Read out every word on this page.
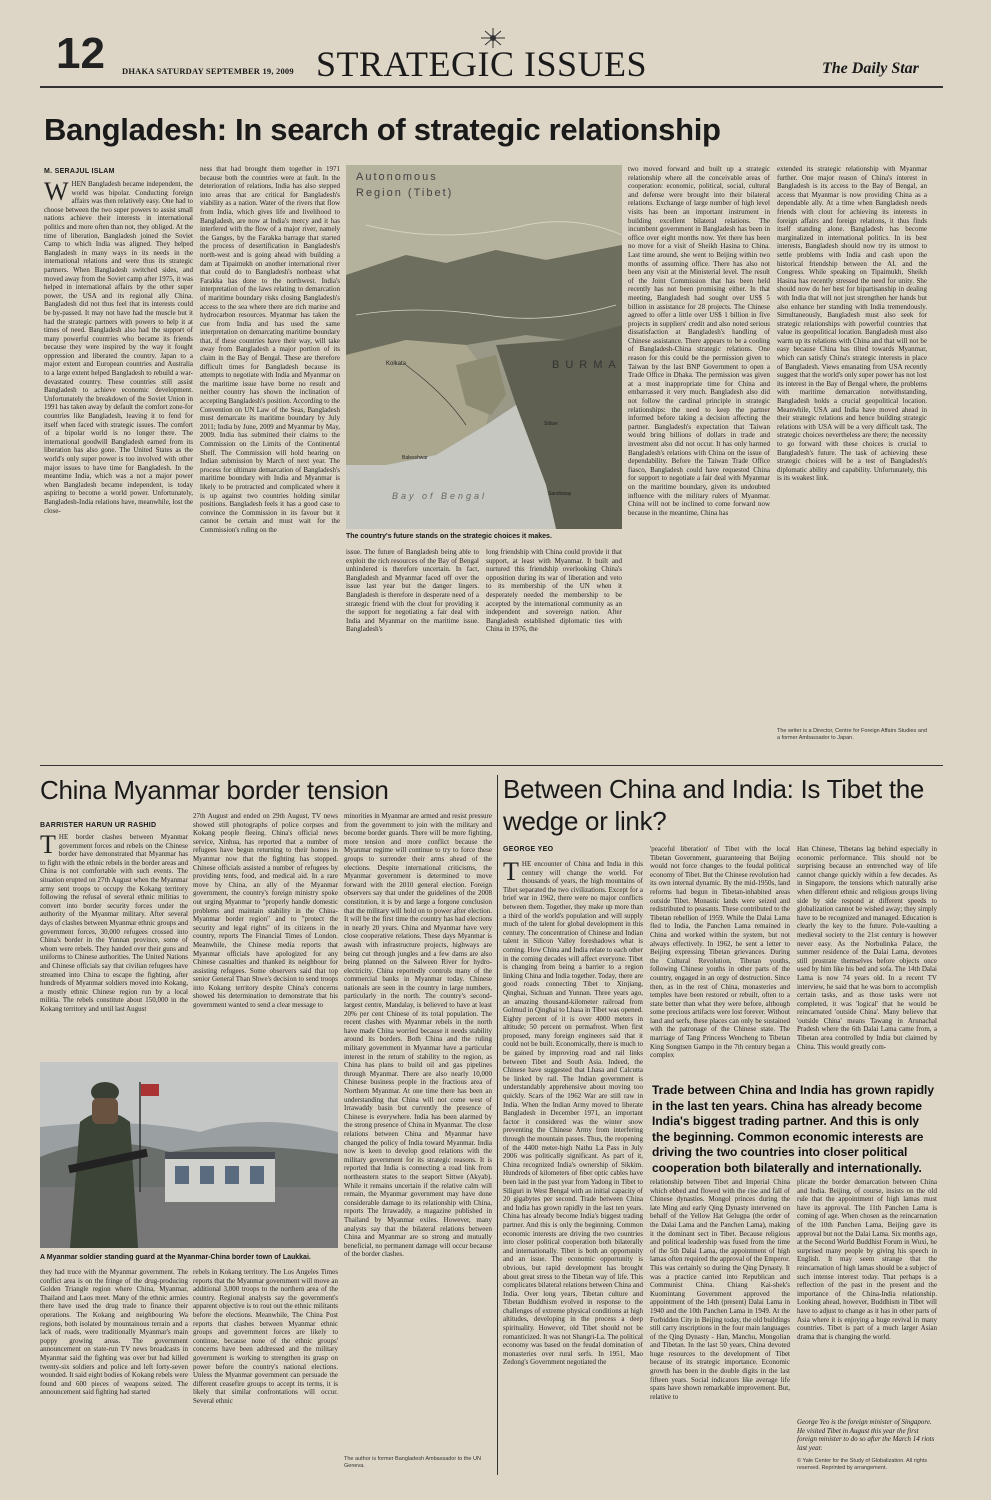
12 DHAKA SATURDAY SEPTEMBER 19, 2009 STRATEGIC ISSUES	The Daily Star
Bangladesh: In search of strategic relationship
M. SERAJUL ISLAM
WHEN Bangladesh became independent, the world was bipolar. Conducting foreign affairs was then relatively easy. One had to choose between the two super powers to assist small nations achieve their interests in international politics and more often than not, they obliged. At the time of liberation, Bangladesh joined the Soviet Camp to which India was aligned. They helped Bangladesh in many ways in its needs in the international relations and were thus its strategic partners. When Bangladesh switched sides, and moved away from the Soviet camp after 1975, it was helped in international affairs by the other super power, the USA and its regional ally China. Bangladesh did not thus feel that its interests could be by-passed. It may not have had the muscle but it had the strategic partners with powers to help it at times of need. Bangladesh also had the support of many powerful countries who became its friends because they were inspired by the way it fought oppression and liberated the country. Japan to a major extent and European countries and Australia to a large extent helped Bangladesh to rebuild a war-devastated country. These countries still assist Bangladesh to achieve economic development. Unfortunately the breakdown of the Soviet Union in 1991 has taken away by default the comfort zone-for countries like Bangladesh, leaving it to fend for itself when faced with strategic issues. The comfort of a bipolar world is no longer there. The international goodwill Bangladesh earned from its liberation has also gone. The United States as the world's only super power is too involved with other major issues to have time for Bangladesh. In the meantime India, which was a not a major power when Bangladesh became independent, is today aspiring to become a world power. Unfortunately, Bangladesh-India relations have, meanwhile, lost the close-
ness that had brought them together in 1971 because both the countries were at fault. In the deterioration of relations, India has also stepped into areas that are critical for Bangladesh's viability as a nation. Water of the rivers that flow from India, which gives life and livelihood to Bangladesh, are now at India's mercy and it has interfered with the flow of a major river, namely the Ganges, by the Farakka barrage that started the process of desertification in Bangladesh's north-west and is going ahead with building a dam at Tipaimukh on another international river that could do to Bangladesh's northeast what Farakka has done to the northwest. India's interpretation of the laws relating to demarcation of maritime boundary risks closing Bangladesh's access to the sea where there are rich marine and hydrocarbon resources. Myanmar has taken the cue from India and has used the same interpretation on demarcating maritime boundary that, if these countries have their way, will take away from Bangladesh a major portion of its claim in the Bay of Bengal. These are therefore difficult times for Bangladesh because its attempts to negotiate with India and Myanmar on the maritime issue have borne no result and neither country has shown the inclination of accepting Bangladesh's position. According to the Convention on UN Law of the Seas, Bangladesh must demarcate its maritime boundary by July 2011; India by June, 2009 and Myanmar by May, 2009. India has submitted their claims to the Commission on the Limits of the Continental Shelf. The Commission will hold hearing on Indian submission by March of next year. The process for ultimate demarcation of Bangladesh's maritime boundary with India and Myanmar is likely to be protracted and complicated where it is up against two countries holding similar positions. Bangladesh feels it has a good case to convince the Commission in its favour but it cannot be certain and must wait for the Commission's ruling on the
Autonomous
Region (Tibet)
Kolkata
Balesshwar
Sittwe
Bay of Bengal	Sandoway
BURMA
The country's future stands on the strategic choices it makes.
issue. The future of Bangladesh being able to exploit the rich resources of the Bay of Bengal unhindered is therefore uncertain. In fact, Bangladesh and Myanmar faced off over the issue last year but the danger lingers. Bangladesh is therefore in desperate need of a strategic friend with the clout for providing it the support for negotiating a fair deal with India and Myanmar on the maritime issue. Bangladesh's
long friendship with China could provide it that support, at least with Myanmar. It built and nurtured this friendship overlooking China's opposition during its war of liberation and veto to its membership of the UN when it desperately needed the membership to be accepted by the international community as an independent and sovereign nation. After Bangladesh established diplomatic ties with China in 1976, the
two moved forward and built up a strategic relationship where all the conceivable areas of cooperation: economic, political, social, cultural and defense were brought into their bilateral relations. Exchange of large number of high level visits has been an important instrument in building excellent bilateral relations. The incumbent government in Bangladesh has been in office over eight months now. Yet there has been no move for a visit of Sheikh Hasina to China. Last time around, she went to Beijing within two months of assuming office. There has also not been any visit at the Ministerial level. The result of the Joint Commission that has been held recently has not been promising either. In that meeting, Bangladesh had sought over US$ 5 billion in assistance for 28 projects. The Chinese agreed to offer a little over US$ 1 billion in five projects in suppliers' credit and also noted serious dissatisfaction at Bangladesh's handling of Chinese assistance. There appears to be a cooling of Bangladesh-China strategic relations. One reason for this could be the permission given to Taiwan by the last BNP Government to open a Trade Office in Dhaka. The permission was given at a most inappropriate time for China and embarrassed it very much. Bangladesh also did not follow the cardinal principle in strategic relationships: the need to keep the partner informed before taking a decision affecting the partner. Bangladesh's expectation that Taiwan would bring billions of dollars in trade and investment also did not occur. It has only harmed Bangladesh's relations with China on the issue of dependability. Before the Taiwan Trade Office fiasco, Bangladesh could have requested China for support to negotiate a fair deal with Myanmar on the maritime boundary, given its undoubted influence with the military rulers of Myanmar. China will not be inclined to come forward now because in the meantime, China has
extended its strategic relationship with Myanmar further. One major reason of China's interest in Bangladesh is its access to the Bay of Bengal, an access that Myanmar is now providing China as a dependable ally. At a time when Bangladesh needs friends with clout for achieving its interests in foreign affairs and foreign relations, it thus finds itself standing alone. Bangladesh has become marginalized in international politics. In its best interests, Bangladesh should now try its utmost to settle problems with India and cash upon the historical friendship between the AL and the Congress. While speaking on Tipaimukh, Sheikh Hasina has recently stressed the need for unity. She should now do her best for bipartisanship in dealing with India that will not just strengthen her hands but also enhance her standing with India tremendously. Simultaneously, Bangladesh must also seek for strategic relationships with powerful countries that value its geopolitical location. Bangladesh must also warm up its relations with China and that will not be easy because China has tilted towards Myanmar, which can satisfy China's strategic interests in place of Bangladesh. Views emanating from USA recently suggest that the world's only super power has not lost its interest in the Bay of Bengal where, the problems with maritime demarcation notwithstanding, Bangladesh holds a crucial geopolitical location. Meanwhile, USA and India have moved ahead in their strategic relations and hence building strategic relations with USA will be a very difficult task. The strategic choices nevertheless are there; the necessity to go forward with these choices is crucial to Bangladesh's future. The task of achieving these strategic choices will be a test of Bangladesh's diplomatic ability and capability. Unfortunately, this is its weakest link.
The writer is a Director, Centre for Foreign Affairs Studies and a former Ambassador to Japan.
China Myanmar border tension
BARRISTER HARUN UR RASHID
THE border clashes between Myanmar government forces and rebels on the Chinese border have demonstrated that Myanmar has to fight with the ethnic rebels in the border areas and China is not comfortable with such events. The situation erupted on 27th August when the Myanmar army sent troops to occupy the Kokang territory following the refusal of several ethnic militias to convert into border security forces under the authority of the Myanmar military. After several days of clashes between Myanmar ethnic groups and government forces, 30,000 refugees crossed into China's border in the Yunnan province, some of whom were rebels. They handed over their guns and uniforms to Chinese authorities. The United Nations and Chinese officials say that civilian refugees have streamed into China to escape the fighting, after hundreds of Myanmar soldiers moved into Kokang, a mostly ethnic Chinese region run by a local militia. The rebels constitute about 150,000 in the Kokang territory and until last August
27th August and ended on 29th August, TV news showed still photographs of police corpses and Kokang people fleeing. China's official news service, Xinhua, has reported that a number of refugees have begun returning to their homes in Myanmar now that the fighting has stopped. Chinese officials assisted a number of refugees by providing tents, food, and medical aid. In a rare move by China, an ally of the Myanmar government, the country's foreign ministry spoke out urging Myanmar to "properly handle domestic problems and maintain stability in the China-Myanmar border region" and to "protect the security and legal rights" of its citizens in the country, reports The Financial Times of London. Meanwhile, the Chinese media reports that Myanmar officials have apologized for any Chinese casualties and thanked its neighbour for assisting refugees. Some observers said that top senior General Than Shwe's decision to send troops into Kokang territory despite China's concerns showed his determination to demonstrate that his government wanted to send a clear message to
A Myanmar soldier standing guard at the Myanmar-China border town of Laukkai.
they had truce with the Myanmar government. The conflict area is on the fringe of the drug-producing Golden Triangle region where China, Myanmar, Thailand and Laos meet. Many of the ethnic armies there have used the drug trade to finance their operations. The Kokang and neighbouring Wa regions, both isolated by mountainous terrain and a lack of roads, were traditionally Myanmar's main poppy growing areas. The government announcement on state-run TV news broadcasts in Myanmar said the fighting was over but had killed twenty-six soldiers and police and left forty-seven wounded. It said eight bodies of Kokang rebels were found and 600 pieces of weapons seized. The announcement said fighting had started
rebels in Kokang territory. The Los Angeles Times reports that the Myanmar government will move an additional 3,000 troops to the northern area of the country. Regional analysts say the government's apparent objective is to rout out the ethnic militants before the elections. Meanwhile, The China Post reports that clashes between Myanmar ethnic groups and government forces are likely to continue, because none of the ethnic groups' concerns have been addressed and the military government is working to strengthen its grasp on power before the country's national elections. Unless the Myanmar government can persuade the different ceasefire groups to accept its terms, it is likely that similar confrontations will occur. Several ethnic
minorities in Myanmar are armed and resist pressure from the government to join with the military and become border guards. There will be more fighting, more tension and more conflict because the Myanmar regime will continue to try to force these groups to surrender their arms ahead of the elections. Despite international criticisms, the Myanmar government is determined to move forward with the 2010 general election. Foreign observers say that under the guidelines of the 2008 constitution, it is by and large a forgone conclusion that the military will hold on to power after election. It will be the first time the country has had elections in nearly 20 years. China and Myanmar have very close cooperative relations. These days Myanmar is awash with infrastructure projects, highways are being cut through jungles and a few dams are also being planned on the Salween River for hydro-electricity. China reportedly controls many of the commercial banks in Myanmar today. Chinese nationals are seen in the country in large numbers, particularly in the north. The country's second-largest centre, Mandalay, is believed to have at least 20% per cent Chinese of its total population. The recent clashes with Myanmar rebels in the north have made China worried because it needs stability around its borders. Both China and the ruling military government in Myanmar have a particular interest in the return of stability to the region, as China has plans to build oil and gas pipelines through Myanmar. There are also nearly 10,000 Chinese business people in the fractious area of Northern Myanmar. At one time there has been an understanding that China will not come west of Irrawaddy basin but currently the presence of Chinese is everywhere. India has been alarmed by the strong presence of China in Myanmar. The close relations between China and Myanmar have changed the policy of India toward Myanmar. India now is keen to develop good relations with the military government for its strategic reasons. It is reported that India is connecting a road link from northeastern states to the seaport Sittwe (Akyab). While it remains uncertain if the relative calm will remain, the Myanmar government may have done considerable damage to its relationship with China, reports The Irrawaddy, a magazine published in Thailand by Myanmar exiles. However, many analysts say that the bilateral relations between China and Myanmar are so strong and mutually beneficial, no permanent damage will occur because of the border clashes.
The author is former Bangladesh Ambassador to the UN Geneva.
Between China and India: Is Tibet the wedge or link?
GEORGE YEO
THE encounter of China and India in this century will change the world. For thousands of years, the high mountains of Tibet separated the two civilizations. Except for a brief war in 1962, there were no major conflicts between them. Together, they make up more than a third of the world's population and will supply much of the talent for global development in this century. The concentration of Chinese and Indian talent in Silicon Valley foreshadows what is coming. How China and India relate to each other in the coming decades will affect everyone. Tibet is changing from being a barrier to a region linking China and India together. Today, there are good roads connecting Tibet to Xinjiang, Qinghai, Sichuan and Yunnan. Three years ago, an amazing thousand-kilometer railroad from Golmud in Qinghai to Lhasa in Tibet was opened. Eighty percent of it is over 4000 meters in altitude; 50 percent on permafrost. When first proposed, many foreign engineers said that it could not be built. Economically, there is much to be gained by improving road and rail links between Tibet and South Asia. Indeed, the Chinese have suggested that Lhasa and Calcutta be linked by rail. The Indian government is understandably apprehensive about moving too quickly. Scars of the 1962 War are still raw in India. When the Indian Army moved to liberate Bangladesh in December 1971, an important factor it considered was the winter snow preventing the Chinese Army from interfering through the mountain passes. Thus, the reopening of the 4400 meter-high Nathu La Pass in July 2006 was politically significant. As part of it, China recognized India's ownership of Sikkim. Hundreds of kilometers of fiber optic cables have been laid in the past year from Yadong in Tibet to Siliguri in West Bengal with an initial capacity of 20 gigabytes per second. Trade between China and India has grown rapidly in the last ten years. China has already become India's biggest trading partner. And this is only the beginning. Common economic interests are driving the two countries into closer political cooperation both bilaterally and internationally. Tibet is both an opportunity and an issue. The economic opportunity is obvious, but rapid development has brought about great stress to the Tibetan way of life. This complicates bilateral relations between China and India. Over long years, Tibetan culture and Tibetan Buddhism evolved in response to the challenges of extreme physical conditions at high altitudes, developing in the process a deep spirituality. However, old Tibet should not be romanticized. It was not Shangri-La. The political economy was based on the feudal domination of monasteries over rural serfs. In 1951, Mao Zedong's Government negotiated the
'peaceful liberation' of Tibet with the local Tibetan Government, guaranteeing that Beijing would not force changes to the feudal political economy of Tibet. But the Chinese revolution had its own internal dynamic. By the mid-1950s, land reforms had begun in Tibetan-inhabited areas outside Tibet. Monastic lands were seized and redistributed to peasants. These contributed to the Tibetan rebellion of 1959. While the Dalai Lama fled to India, the Panchen Lama remained in China and worked within the system, but not always effectively. In 1962, he sent a letter to Beijing expressing Tibetan grievances. During the Cultural Revolution, Tibetan youths, following Chinese youths in other parts of the country, engaged in an orgy of destruction. Since then, as in the rest of China, monasteries and temples have been restored or rebuilt, often to a state better than what they were before, although some precious artifacts were lost forever. Without land and serfs, these places can only be sustained with the patronage of the Chinese state. The marriage of Tang Princess Wencheng to Tibetan King Songtsen Gampo in the 7th century began a complex
Han Chinese, Tibetans lag behind especially in economic performance. This should not be surprising because an entrenched way of life cannot change quickly within a few decades. As in Singapore, the tensions which naturally arise when different ethnic and religious groups living side by side respond at different speeds to globalization cannot be wished away; they simply have to be recognized and managed. Education is clearly the key to the future. Pole-vaulting a medieval society to the 21st century is however never easy. As the Norbulinka Palace, the summer residence of the Dalai Lama, devotees still prostrate themselves before objects once used by him like his bed and sofa. The 14th Dalai Lama is now 74 years old. In a recent TV interview, he said that he was born to accomplish certain tasks, and as those tasks were not completed, it was 'logical' that he would be reincarnated 'outside China'. Many believe that 'outside China' means Tawang in Arunachal Pradesh where the 6th Dalai Lama came from, a Tibetan area controlled by India but claimed by China. This would greatly com-
Trade between China and India has grown rapidly in the last ten years. China has already become India's biggest trading partner. And this is only the beginning. Common economic interests are driving the two countries into closer political cooperation both bilaterally and internationally.
relationship between Tibet and Imperial China which ebbed and flowed with the rise and fall of Chinese dynasties. Mongol princes during the late Ming and early Qing Dynasty intervened on behalf of the Yellow Hat Gelugpa (the order of the Dalai Lama and the Panchen Lama), making it the dominant sect in Tibet. Because religious and political leadership was fused from the time of the 5th Dalai Lama, the appointment of high lamas often required the approval of the Emperor. This was certainly so during the Qing Dynasty. It was a practice carried into Republican and Communist China. Chiang Kai-shek's Kuomintang Government approved the appointment of the 14th (present) Dalai Lama in 1940 and the 10th Panchen Lama in 1949. At the Forbidden City in Beijing today, the old buildings still carry inscriptions in the four main languages of the Qing Dynasty - Han, Manchu, Mongolian and Tibetan. In the last 50 years, China devoted huge resources to the development of Tibet because of its strategic importance. Economic growth has been in the double digits in the last fifteen years. Social indicators like average life spans have shown remarkable improvement. But, relative to
plicate the border demarcation between China and India. Beijing, of course, insists on the old rule that the appointment of high lamas must have its approval. The 11th Panchen Lama is coming of age. When chosen as the reincarnation of the 10th Panchen Lama, Beijing gave its approval but not the Dalai Lama. Six months ago, at the Second World Buddhist Forum in Wuxi, he surprised many people by giving his speech in English. It may seem strange that the reincarnation of high lamas should be a subject of such intense interest today. That perhaps is a reflection of the past in the present and the importance of the China-India relationship. Looking ahead, however, Buddhism in Tibet will have to adjust to change as it has in other parts of Asia where it is enjoying a huge revival in many countries. Tibet is part of a much larger Asian drama that is changing the world.
George Yeo is the foreign minister of Singapore. He visited Tibet in August this year the first foreign minister to do so after the March 14 riots last year.
© Yale Center for the Study of Globalization. All rights reserved. Reprinted by arrangement.
